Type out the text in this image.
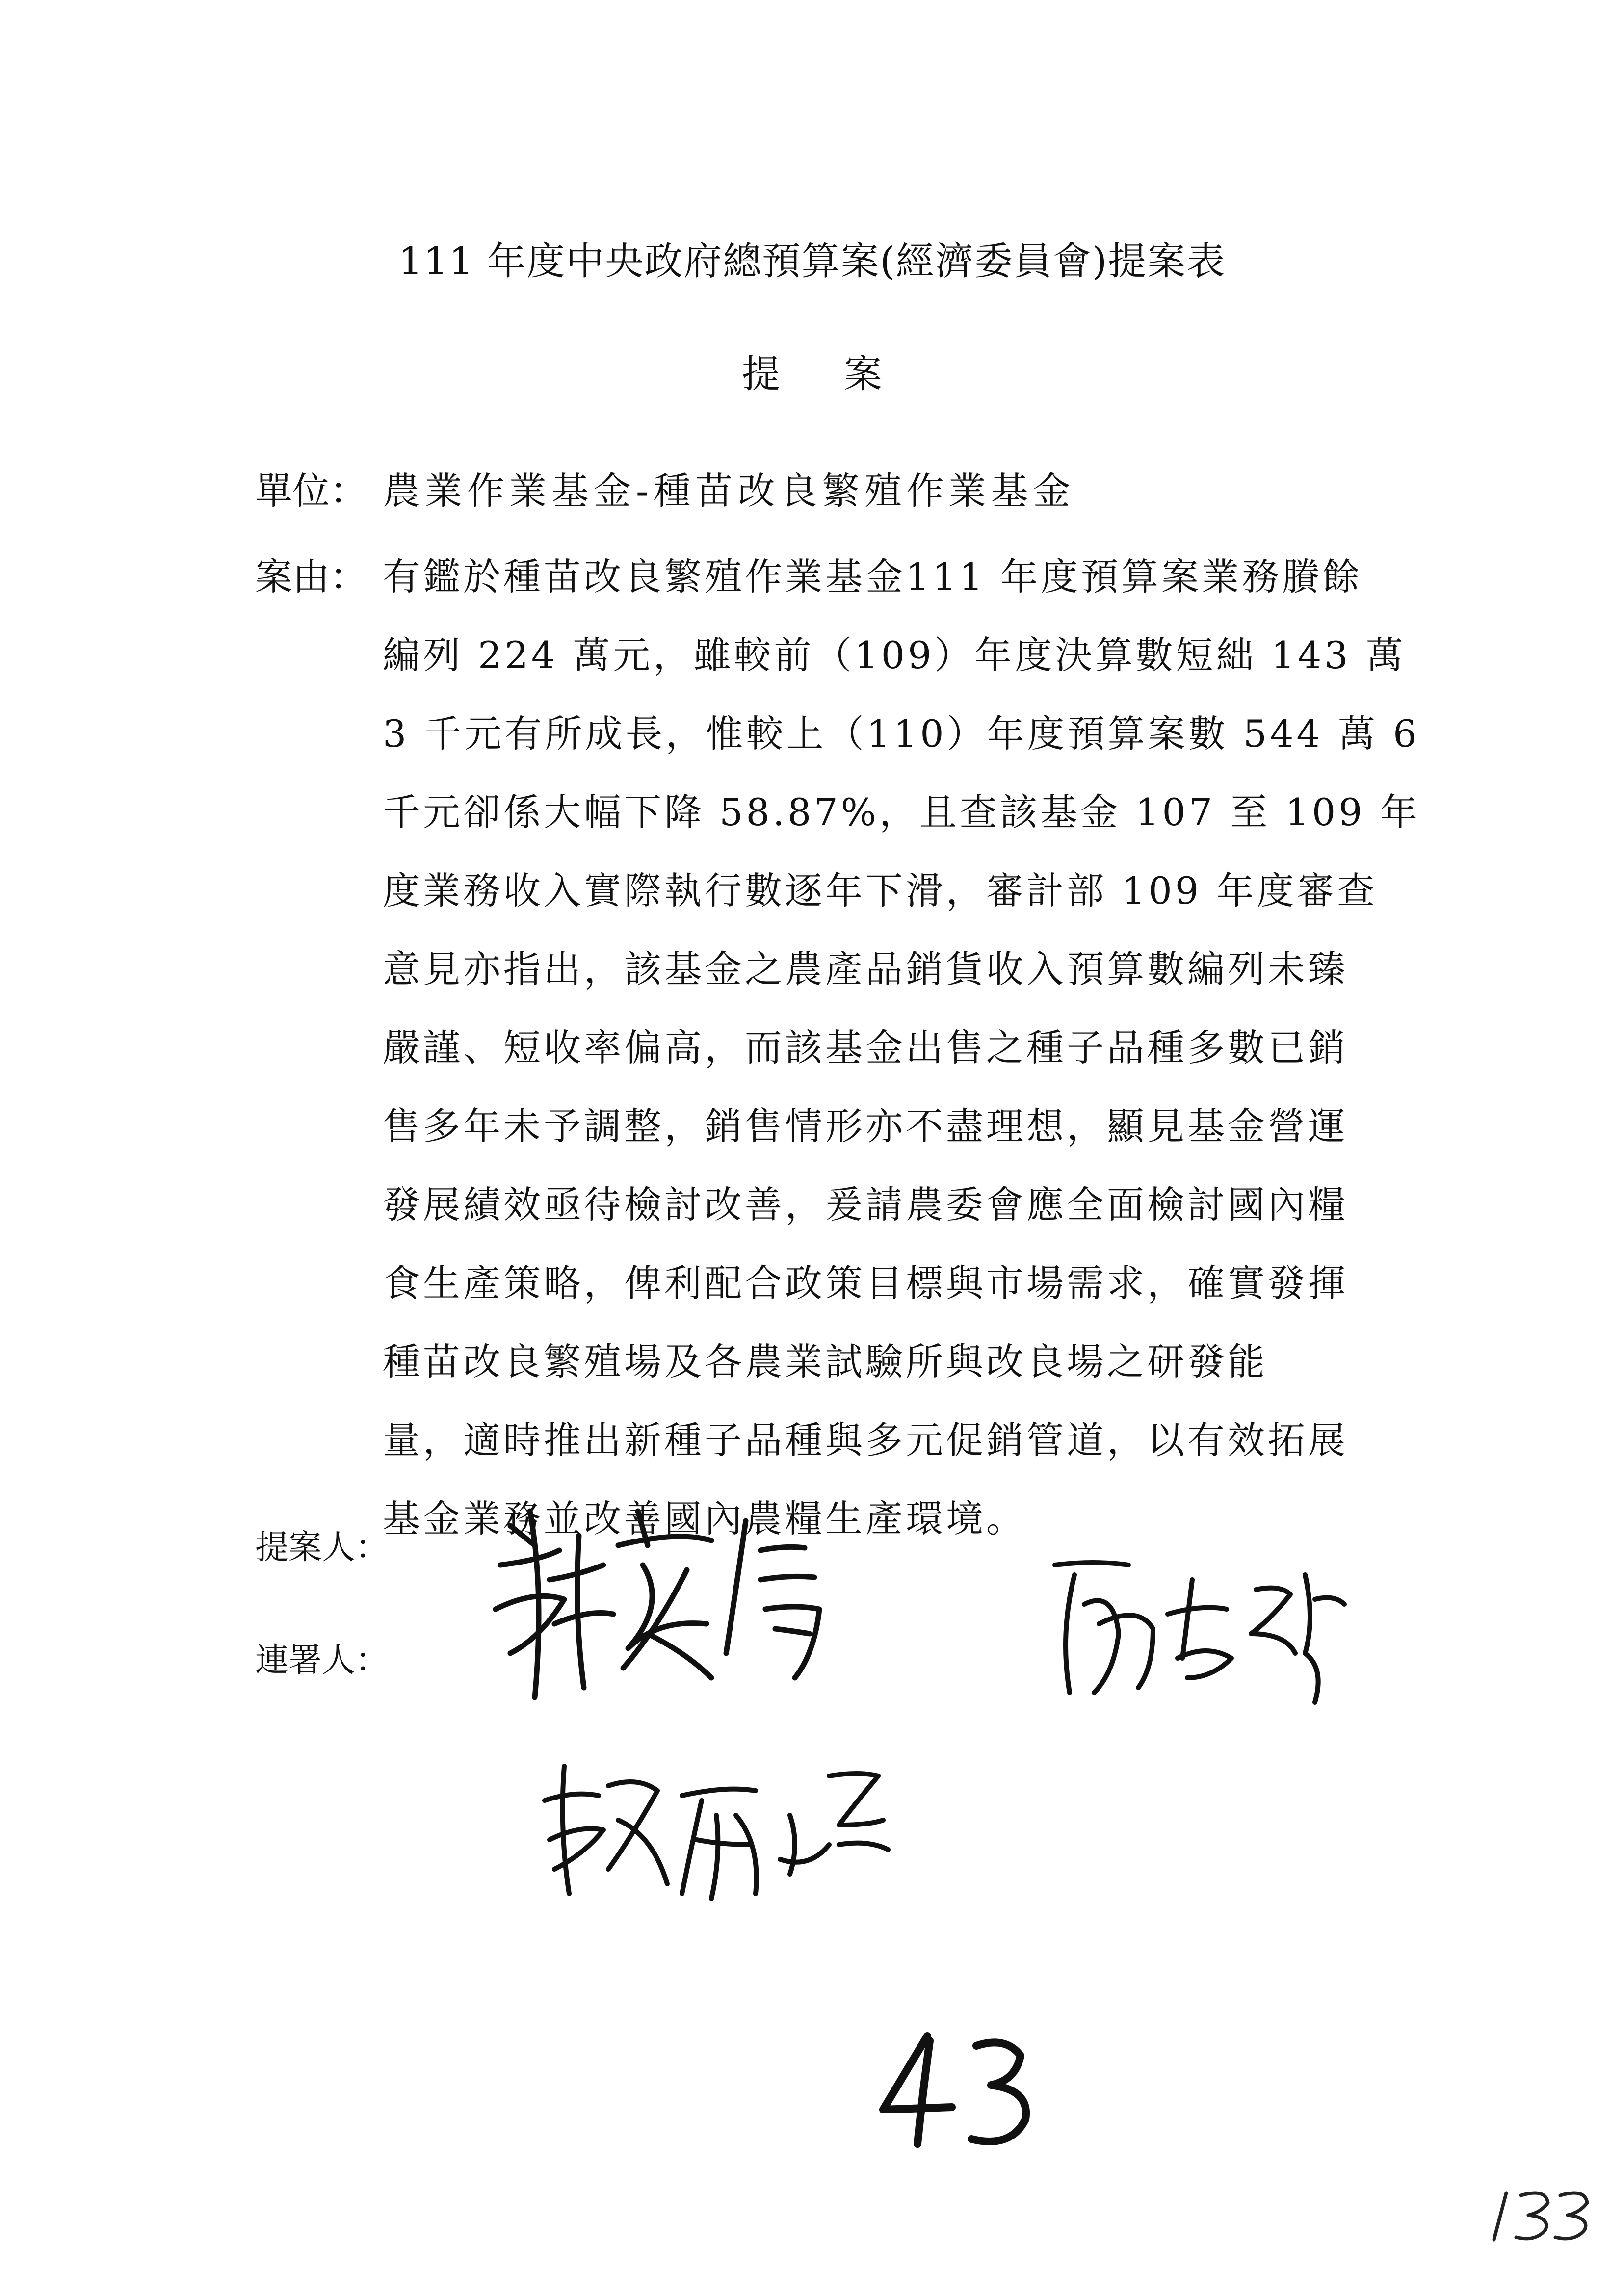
111 年度中央政府總預算案(經濟委員會)提案表
提案
單位： 農業作業基金-種苗改良繁殖作業基金
案由： 有鑑於種苗改良繁殖作業基金111 年度預算案業務賸餘
編列 224 萬元，雖較前（109）年度決算數短絀 143 萬
3 千元有所成長，惟較上（110）年度預算案數 544 萬 6
千元卻係大幅下降 58.87%，且查該基金 107 至 109 年
度業務收入實際執行數逐年下滑，審計部 109 年度審查
意見亦指出，該基金之農產品銷貨收入預算數編列未臻
嚴謹、短收率偏高，而該基金出售之種子品種多數已銷
售多年未予調整，銷售情形亦不盡理想，顯見基金營運
發展績效亟待檢討改善，爰請農委會應全面檢討國內糧
食生產策略，俾利配合政策目標與市場需求，確實發揮
種苗改良繁殖場及各農業試驗所與改良場之研發能
量，適時推出新種子品種與多元促銷管道，以有效拓展
基金業務並改善國內農糧生產環境。
提案人：
連署人：
